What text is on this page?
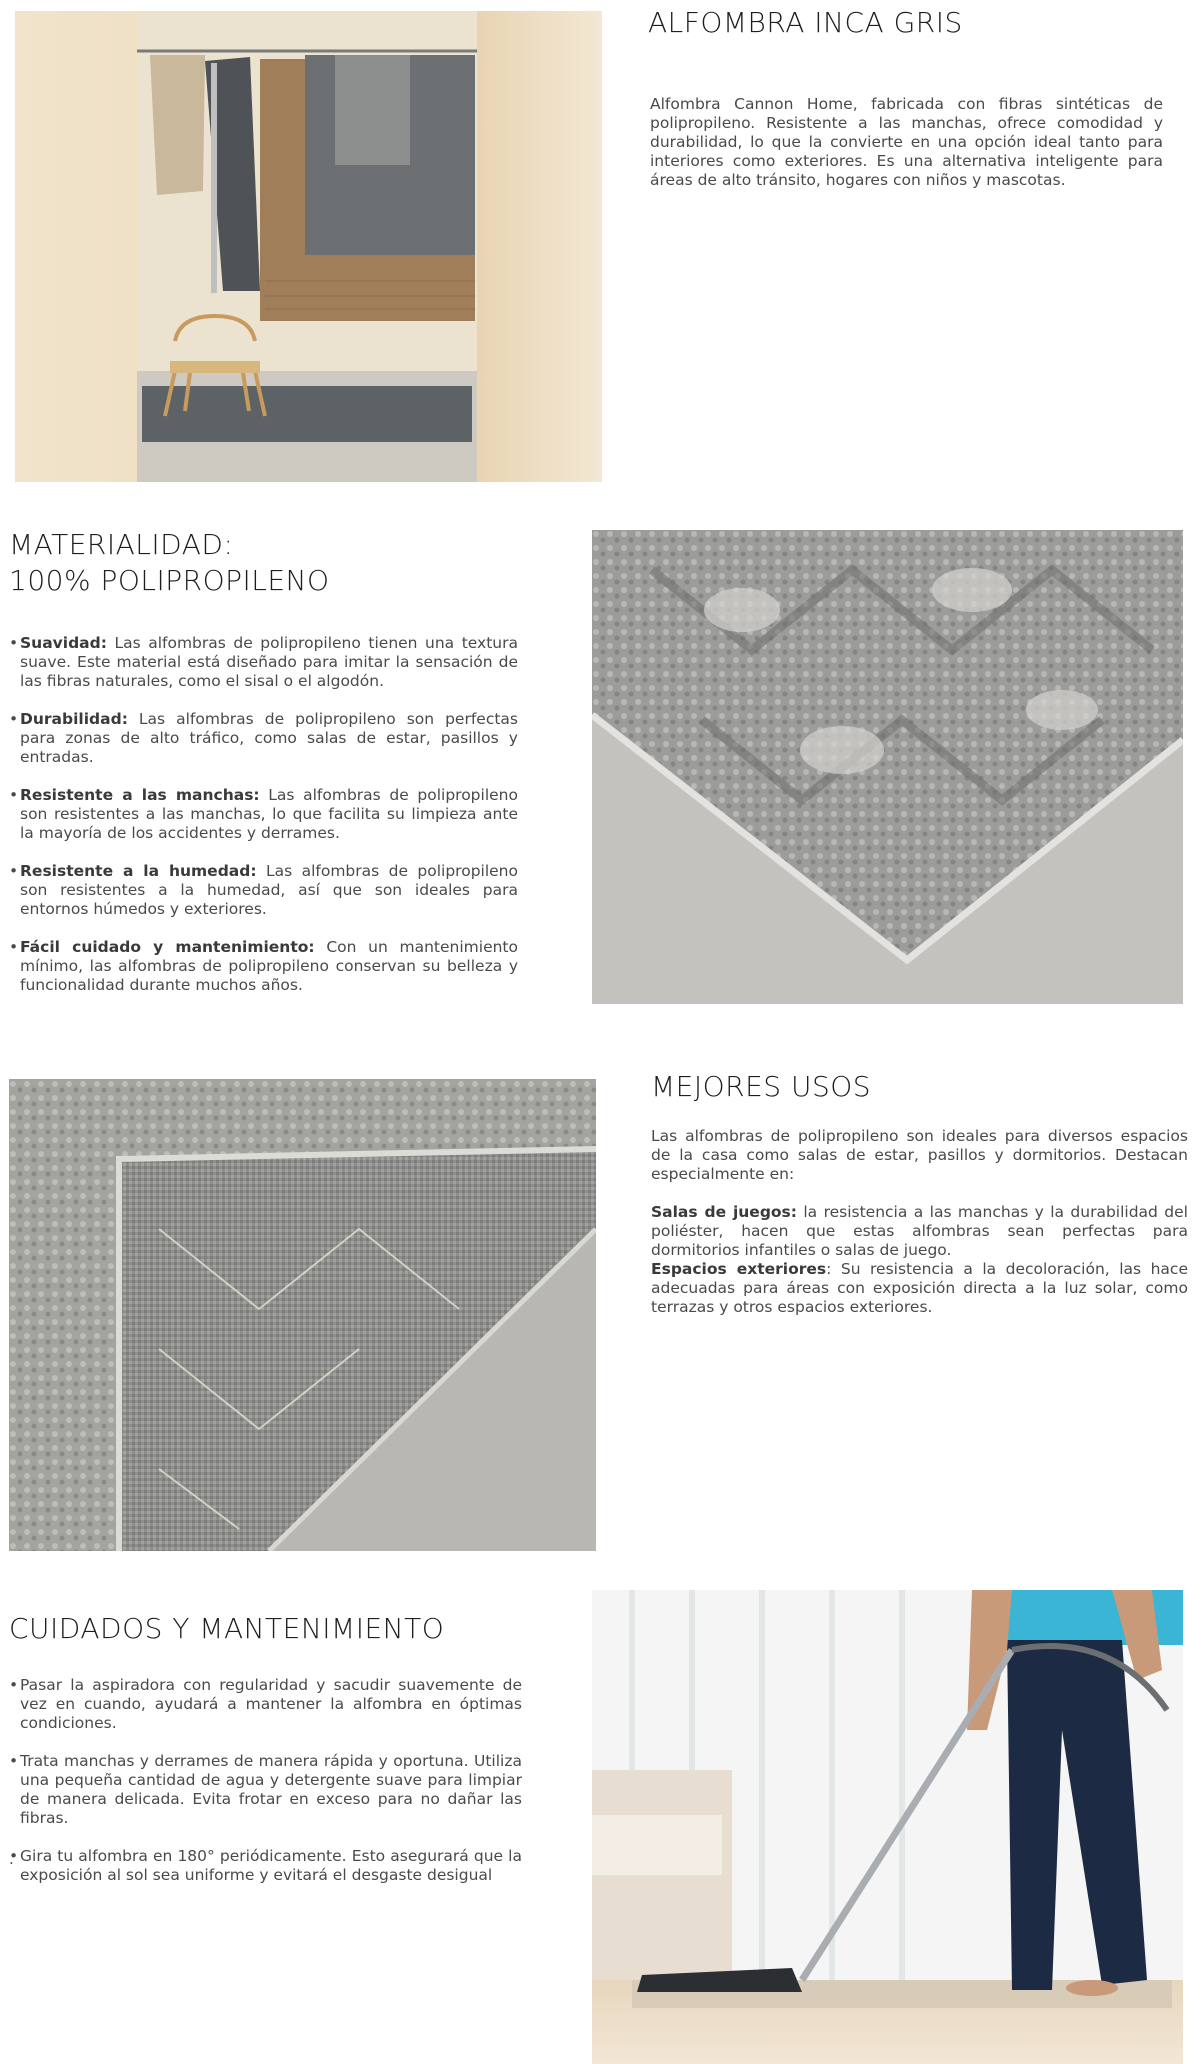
ALFOMBRA INCA GRIS
Alfombra Cannon Home, fabricada con fibras sintéticas de polipropileno. Resistente a las manchas, ofrece comodidad y durabilidad, lo que la convierte en una opción ideal tanto para interiores como exteriores. Es una alternativa inteligente para áreas de alto tránsito, hogares con niños y mascotas.
MATERIALIDAD:
100% POLIPROPILENO
• Suavidad: Las alfombras de polipropileno tienen una textura suave. Este material está diseñado para imitar la sensación de las fibras naturales, como el sisal o el algodón.
• Durabilidad: Las alfombras de polipropileno son perfectas para zonas de alto tráfico, como salas de estar, pasillos y entradas.
• Resistente a las manchas: Las alfombras de polipropileno son resistentes a las manchas, lo que facilita su limpieza ante la mayoría de los accidentes y derrames.
• Resistente a la humedad: Las alfombras de polipropileno son resistentes a la humedad, así que son ideales para entornos húmedos y exteriores.
• Fácil cuidado y mantenimiento: Con un mantenimiento mínimo, las alfombras de polipropileno conservan su belleza y funcionalidad durante muchos años.
MEJORES USOS
Las alfombras de polipropileno son ideales para diversos espacios de la casa como salas de estar, pasillos y dormitorios. Destacan especialmente en:
Salas de juegos: la resistencia a las manchas y la durabilidad del poliéster, hacen que estas alfombras sean perfectas para dormitorios infantiles o salas de juego.
Espacios exteriores: Su resistencia a la decoloración, las hace adecuadas para áreas con exposición directa a la luz solar, como terrazas y otros espacios exteriores.
CUIDADOS Y MANTENIMIENTO
• Pasar la aspiradora con regularidad y sacudir suavemente de vez en cuando, ayudará a mantener la alfombra en óptimas condiciones.
• Trata manchas y derrames de manera rápida y oportuna. Utiliza una pequeña cantidad de agua y detergente suave para limpiar de manera delicada. Evita frotar en exceso para no dañar las fibras.
• Gira tu alfombra en 180° periódicamente. Esto asegurará que la exposición al sol sea uniforme y evitará el desgaste desigual
.
